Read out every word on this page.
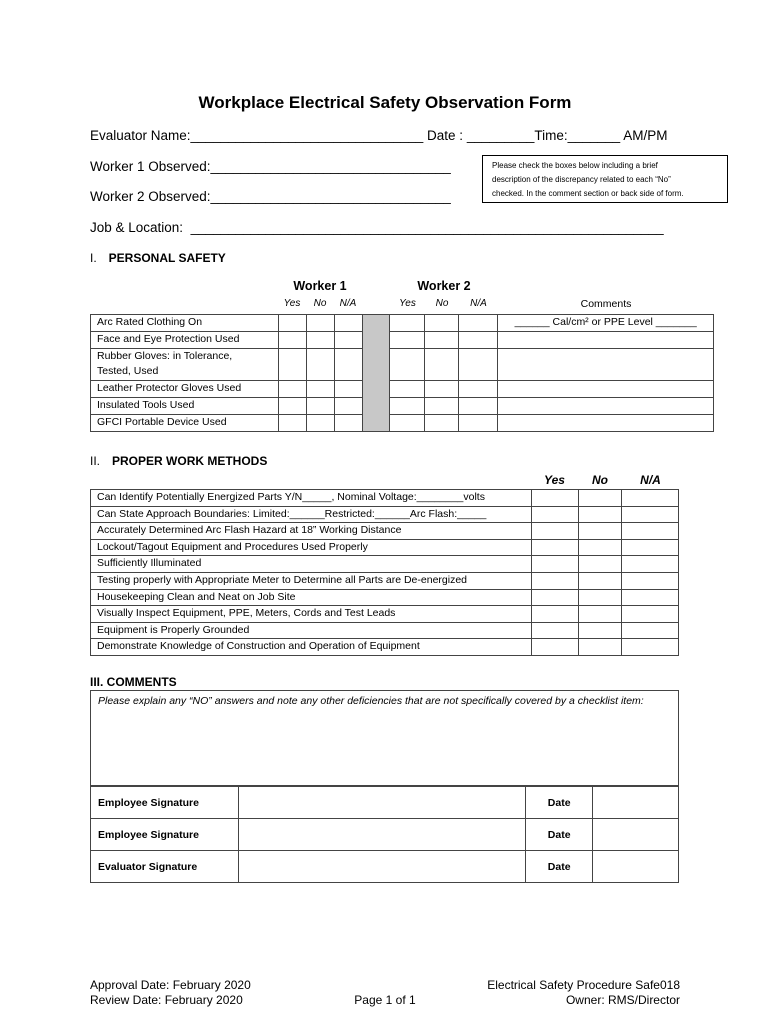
Workplace Electrical Safety Observation Form
Evaluator Name:_______________________________ Date : _________Time:_______ AM/PM
Worker 1 Observed:________________________________
Worker 2 Observed:________________________________
Job & Location:  _______________________________________________________________
Please check the boxes below including a brief
description of the discrepancy related to each “No”
checked. In the comment section or back side of form.
I. PERSONAL SAFETY
Worker 1	Worker 2
Yes	No	N/A	Yes	No	N/A	Comments
Arc Rated Clothing On								______ Cal/cm² or PPE Level _______
Face and Eye Protection Used								

Rubber Gloves: in Tolerance,
Tested, Used								

Leather Protector Gloves Used								
Insulated Tools Used								
GFCI Portable Device Used								
II. PROPER WORK METHODS
Yes	No	N/A
Can Identify Potentially Energized Parts Y/N_____, Nominal Voltage:________volts			
Can State Approach Boundaries: Limited:______Restricted:______Arc Flash:_____			
Accurately Determined Arc Flash Hazard at 18” Working Distance			
Lockout/Tagout Equipment and Procedures Used Properly			
Sufficiently Illuminated			
Testing properly with Appropriate Meter to Determine all Parts are De-energized			
Housekeeping Clean and Neat on Job Site			
Visually Inspect Equipment, PPE, Meters, Cords and Test Leads			
Equipment is Properly Grounded			
Demonstrate Knowledge of Construction and Operation of Equipment			
III. COMMENTS
Please explain any “NO” answers and note any other deficiencies that are not specifically covered by a checklist item:
Employee Signature		Date	
Employee Signature		Date	
Evaluator Signature		Date	
Approval Date: February 2020
Review Date: February 2020	Page 1 of 1
Electrical Safety Procedure Safe018
Owner: RMS/Director
